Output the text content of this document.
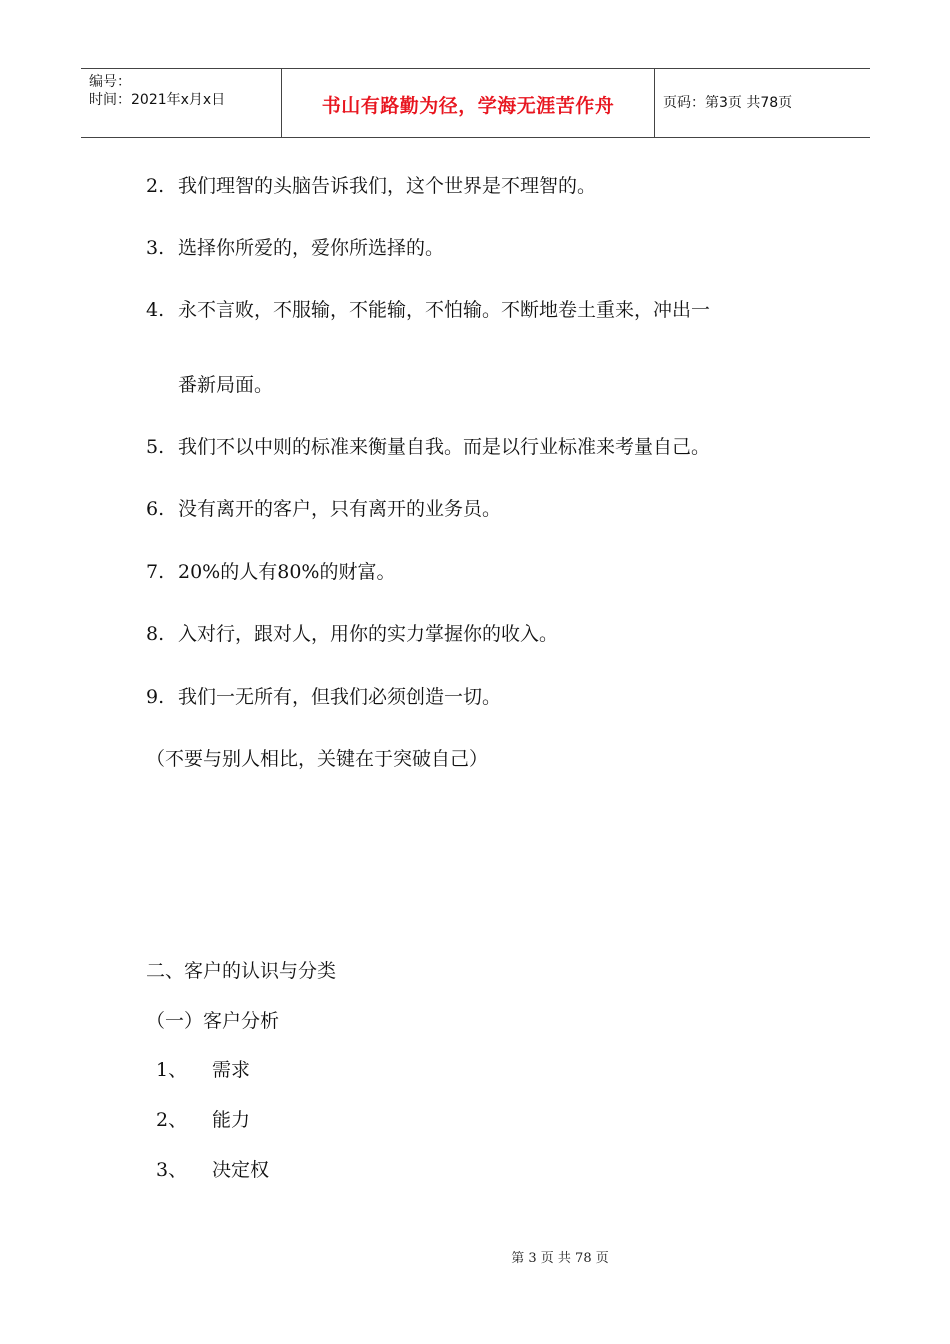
编号：
时间：2021年x月x日	书山有路勤为径，学海无涯苦作舟	页码：第3页 共78页
2. 我们理智的头脑告诉我们，这个世界是不理智的。
3. 选择你所爱的，爱你所选择的。
4. 永不言败，不服输，不能输，不怕输。不断地卷土重来，冲出一
番新局面。
5. 我们不以中则的标准来衡量自我。而是以行业标准来考量自己。
6. 没有离开的客户，只有离开的业务员。
7. 20%的人有80%的财富。
8. 入对行，跟对人，用你的实力掌握你的收入。
9. 我们一无所有，但我们必须创造一切。
（不要与别人相比，关键在于突破自己）
二、客户的认识与分类
（一）客户分析
1、 需求
2、 能力
3、 决定权
第 3 页 共 78 页
